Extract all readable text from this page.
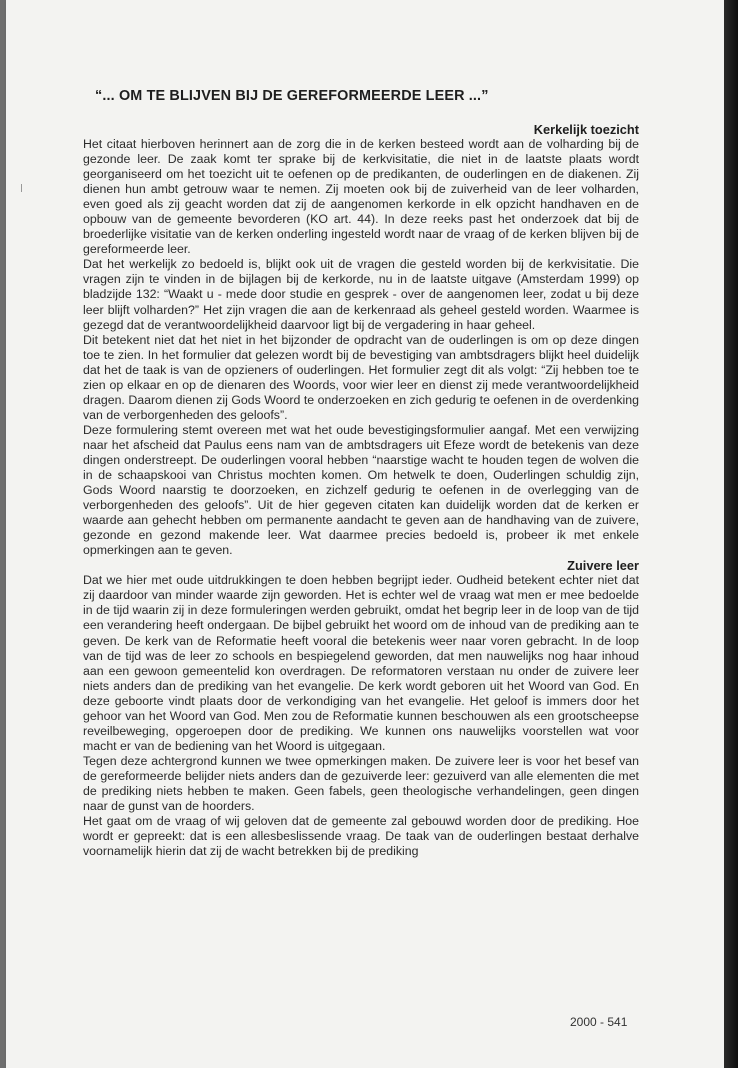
“... OM TE BLIJVEN BIJ DE GEREFORMEERDE LEER ...”
Kerkelijk toezicht

Het citaat hierboven herinnert aan de zorg die in de kerken besteed wordt aan de volharding bij de gezonde leer. De zaak komt ter sprake bij de kerkvisitatie, die niet in de laatste plaats wordt georganiseerd om het toezicht uit te oefenen op de predikanten, de ouderlingen en de diakenen. Zij dienen hun ambt getrouw waar te nemen. Zij moeten ook bij de zuiverheid van de leer volharden, even goed als zij geacht worden dat zij de aangenomen kerkorde in elk opzicht handhaven en de opbouw van de gemeente bevorderen (KO art. 44). In deze reeks past het onderzoek dat bij de broederlijke visitatie van de kerken onderling ingesteld wordt naar de vraag of de kerken blijven bij de gereformeerde leer.

Dat het werkelijk zo bedoeld is, blijkt ook uit de vragen die gesteld worden bij de kerkvisitatie. Die vragen zijn te vinden in de bijlagen bij de kerkorde, nu in de laatste uitgave (Amsterdam 1999) op bladzijde 132: “Waakt u - mede door studie en gesprek - over de aangenomen leer, zodat u bij deze leer blijft volharden?” Het zijn vragen die aan de kerkenraad als geheel gesteld worden. Waarmee is gezegd dat de verantwoordelijkheid daarvoor ligt bij de vergadering in haar geheel.

Dit betekent niet dat het niet in het bijzonder de opdracht van de ouderlingen is om op deze dingen toe te zien. In het formulier dat gelezen wordt bij de bevestiging van ambtsdragers blijkt heel duidelijk dat het de taak is van de opzieners of ouderlingen. Het formulier zegt dit als volgt: “Zij hebben toe te zien op elkaar en op de dienaren des Woords, voor wier leer en dienst zij mede verantwoordelijkheid dragen. Daarom dienen zij Gods Woord te onderzoeken en zich gedurig te oefenen in de overdenking van de verborgenheden des geloofs”.

Deze formulering stemt overeen met wat het oude bevestigingsformulier aangaf. Met een verwijzing naar het afscheid dat Paulus eens nam van de ambtsdragers uit Efeze wordt de betekenis van deze dingen onderstreept. De ouderlingen vooral hebben “naarstige wacht te houden tegen de wolven die in de schaapskooi van Christus mochten komen. Om hetwelk te doen, Ouderlingen schuldig zijn, Gods Woord naarstig te doorzoeken, en zichzelf gedurig te oefenen in de overlegging van de verborgenheden des geloofs”. Uit de hier gegeven citaten kan duidelijk worden dat de kerken er waarde aan gehecht hebben om permanente aandacht te geven aan de handhaving van de zuivere, gezonde en gezond makende leer. Wat daarmee precies bedoeld is, probeer ik met enkele opmerkingen aan te geven.

Zuivere leer

Dat we hier met oude uitdrukkingen te doen hebben begrijpt ieder. Oudheid betekent echter niet dat zij daardoor van minder waarde zijn geworden. Het is echter wel de vraag wat men er mee bedoelde in de tijd waarin zij in deze formuleringen werden gebruikt, omdat het begrip leer in de loop van de tijd een verandering heeft ondergaan. De bijbel gebruikt het woord om de inhoud van de prediking aan te geven. De kerk van de Reformatie heeft vooral die betekenis weer naar voren gebracht. In de loop van de tijd was de leer zo schools en bespiegelend geworden, dat men nauwelijks nog haar inhoud aan een gewoon gemeentelid kon overdragen. De reformatoren verstaan nu onder de zuivere leer niets anders dan de prediking van het evangelie. De kerk wordt geboren uit het Woord van God. En deze geboorte vindt plaats door de verkondiging van het evangelie. Het geloof is immers door het gehoor van het Woord van God. Men zou de Reformatie kunnen beschouwen als een grootscheepse reveilbeweging, opgeroepen door de prediking. We kunnen ons nauwelijks voorstellen wat voor macht er van de bediening van het Woord is uitgegaan.

Tegen deze achtergrond kunnen we twee opmerkingen maken. De zuivere leer is voor het besef van de gereformeerde belijder niets anders dan de gezuiverde leer: gezuiverd van alle elementen die met de prediking niets hebben te maken. Geen fabels, geen theologische verhandelingen, geen dingen naar de gunst van de hoorders.

Het gaat om de vraag of wij geloven dat de gemeente zal gebouwd worden door de prediking. Hoe wordt er gepreekt: dat is een allesbeslissende vraag. De taak van de ouderlingen bestaat derhalve voornamelijk hierin dat zij de wacht betrekken bij de prediking

2000 - 541
